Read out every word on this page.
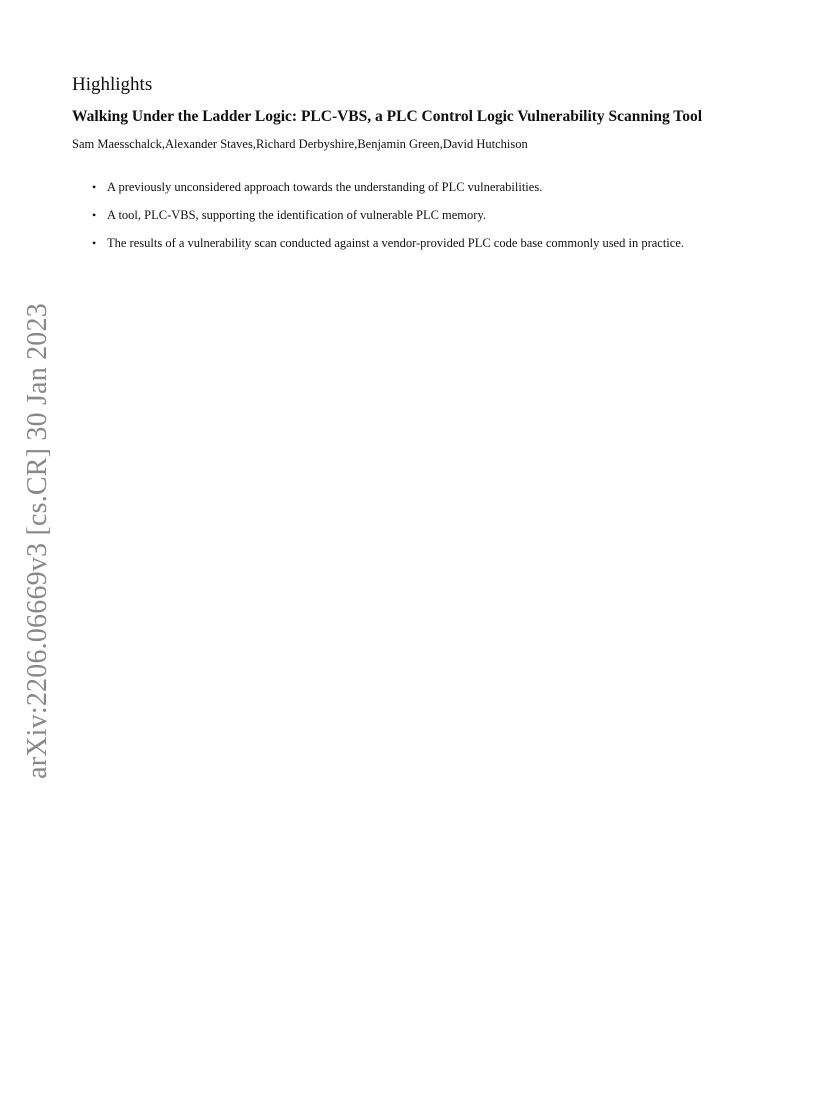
Highlights
Walking Under the Ladder Logic: PLC-VBS, a PLC Control Logic Vulnerability Scanning Tool

Sam Maesschalck,Alexander Staves,Richard Derbyshire,Benjamin Green,David Hutchison

• A previously unconsidered approach towards the understanding of PLC vulnerabilities.
• A tool, PLC-VBS, supporting the identification of vulnerable PLC memory.
• The results of a vulnerability scan conducted against a vendor-provided PLC code base commonly used in practice.
arXiv:2206.06669v3 [cs.CR] 30 Jan 2023
